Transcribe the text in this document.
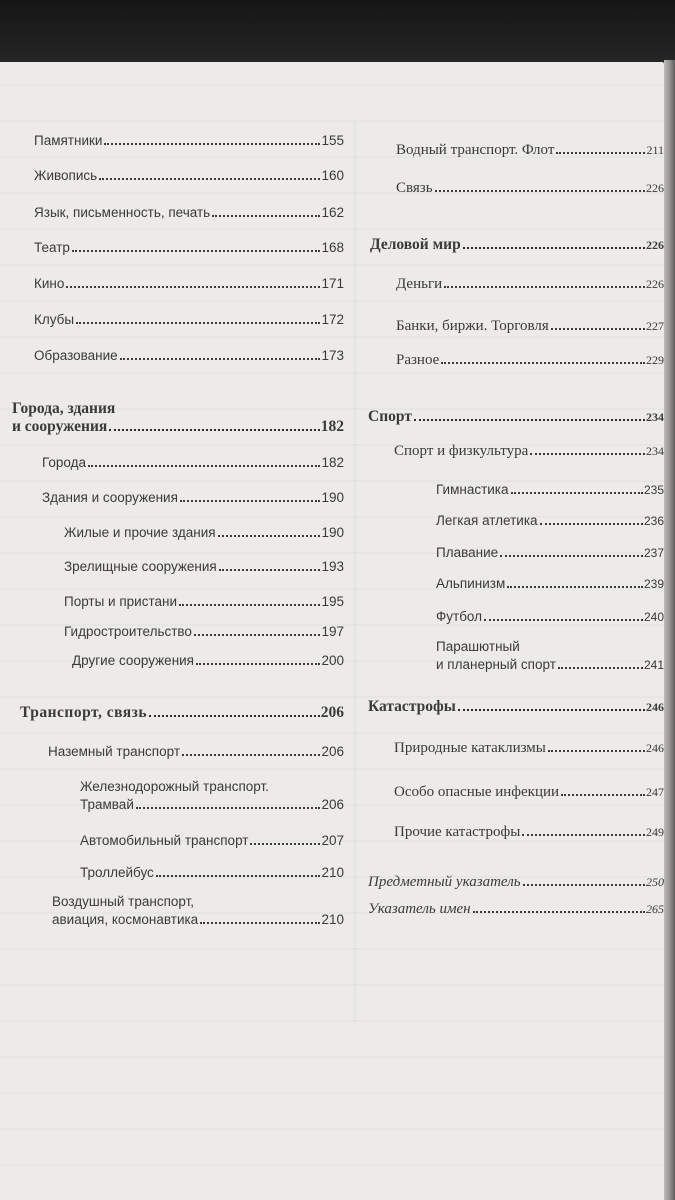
Памятники	155
Живопись	160
Язык, письменность, печать	162
Театр	168
Кино	171
Клубы	172
Образование	173
Города, здания
и сооружения	182
Города	182
Здания и сооружения	190
Жилые и прочие здания	190
Зрелищные сооружения	193
Порты и пристани	195
Гидростроительство	197
Другие сооружения	200
Транспорт, связь	206
Наземный транспорт	206
Железнодорожный транспорт.
Трамвай	206
Автомобильный транспорт	207
Троллейбус	210
Воздушный транспорт,
авиация, космонавтика	210
Водный транспорт. Флот	211
Связь	226
Деловой мир	226
Деньги	226
Банки, биржи. Торговля	227
Разное	229
Спорт	234
Спорт и физкультура	234
Гимнастика	235
Легкая атлетика	236
Плавание	237
Альпинизм	239
Футбол	240
Парашютный
и планерный спорт	241
Катастрофы	246
Природные катаклизмы	246
Особо опасные инфекции	247
Прочие катастрофы	249
Предметный указатель	250
Указатель имен	265
